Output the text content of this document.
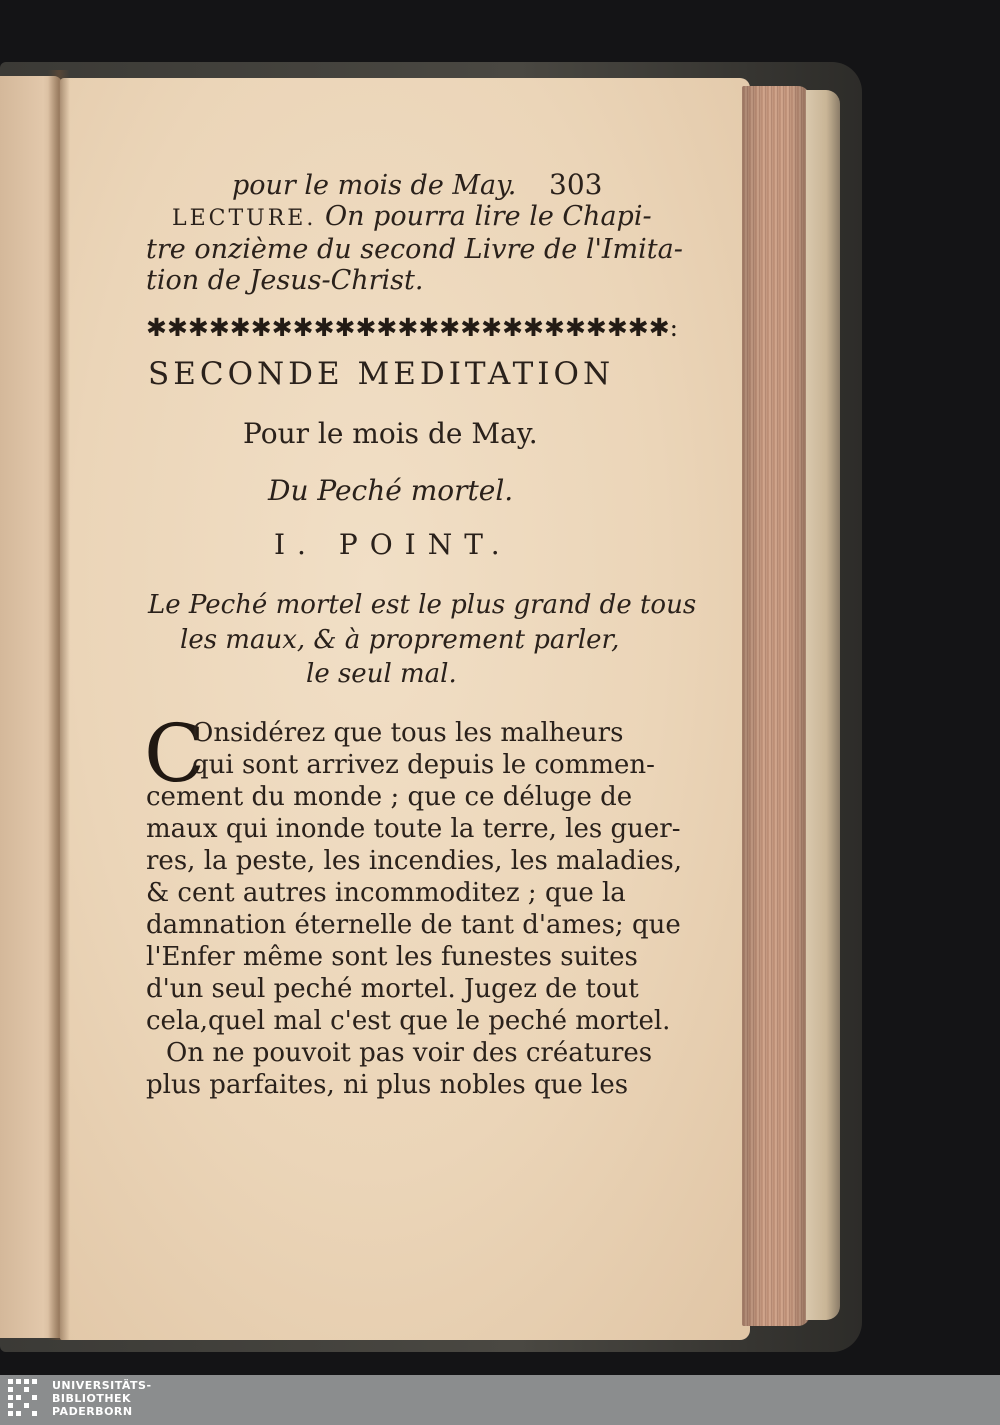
pour le mois de May. 303
LECTURE. On pourra lire le Chapi-
tre onzième du second Livre de l'Imita-
tion de Jesus-Christ.
✱✱✱✱✱✱✱✱✱✱✱✱✱✱✱✱✱✱✱✱✱✱✱✱✱:
SECONDE MEDITATION
Pour le mois de May.
Du Peché mortel.
I. POINT.
Le Peché mortel est le plus grand de tous
les maux, & à proprement parler,
le seul mal.
C
Onsidérez que tous les malheurs
qui sont arrivez depuis le commen-
cement du monde ; que ce déluge de
maux qui inonde toute la terre, les guer-
res, la peste, les incendies, les maladies,
& cent autres incommoditez ; que la
damnation éternelle de tant d'ames; que
l'Enfer même sont les funestes suites
d'un seul peché mortel. Jugez de tout
cela,quel mal c'est que le peché mortel.
On ne pouvoit pas voir des créatures
plus parfaites, ni plus nobles que les
UNIVERSITÄTS-
BIBLIOTHEK
PADERBORN
